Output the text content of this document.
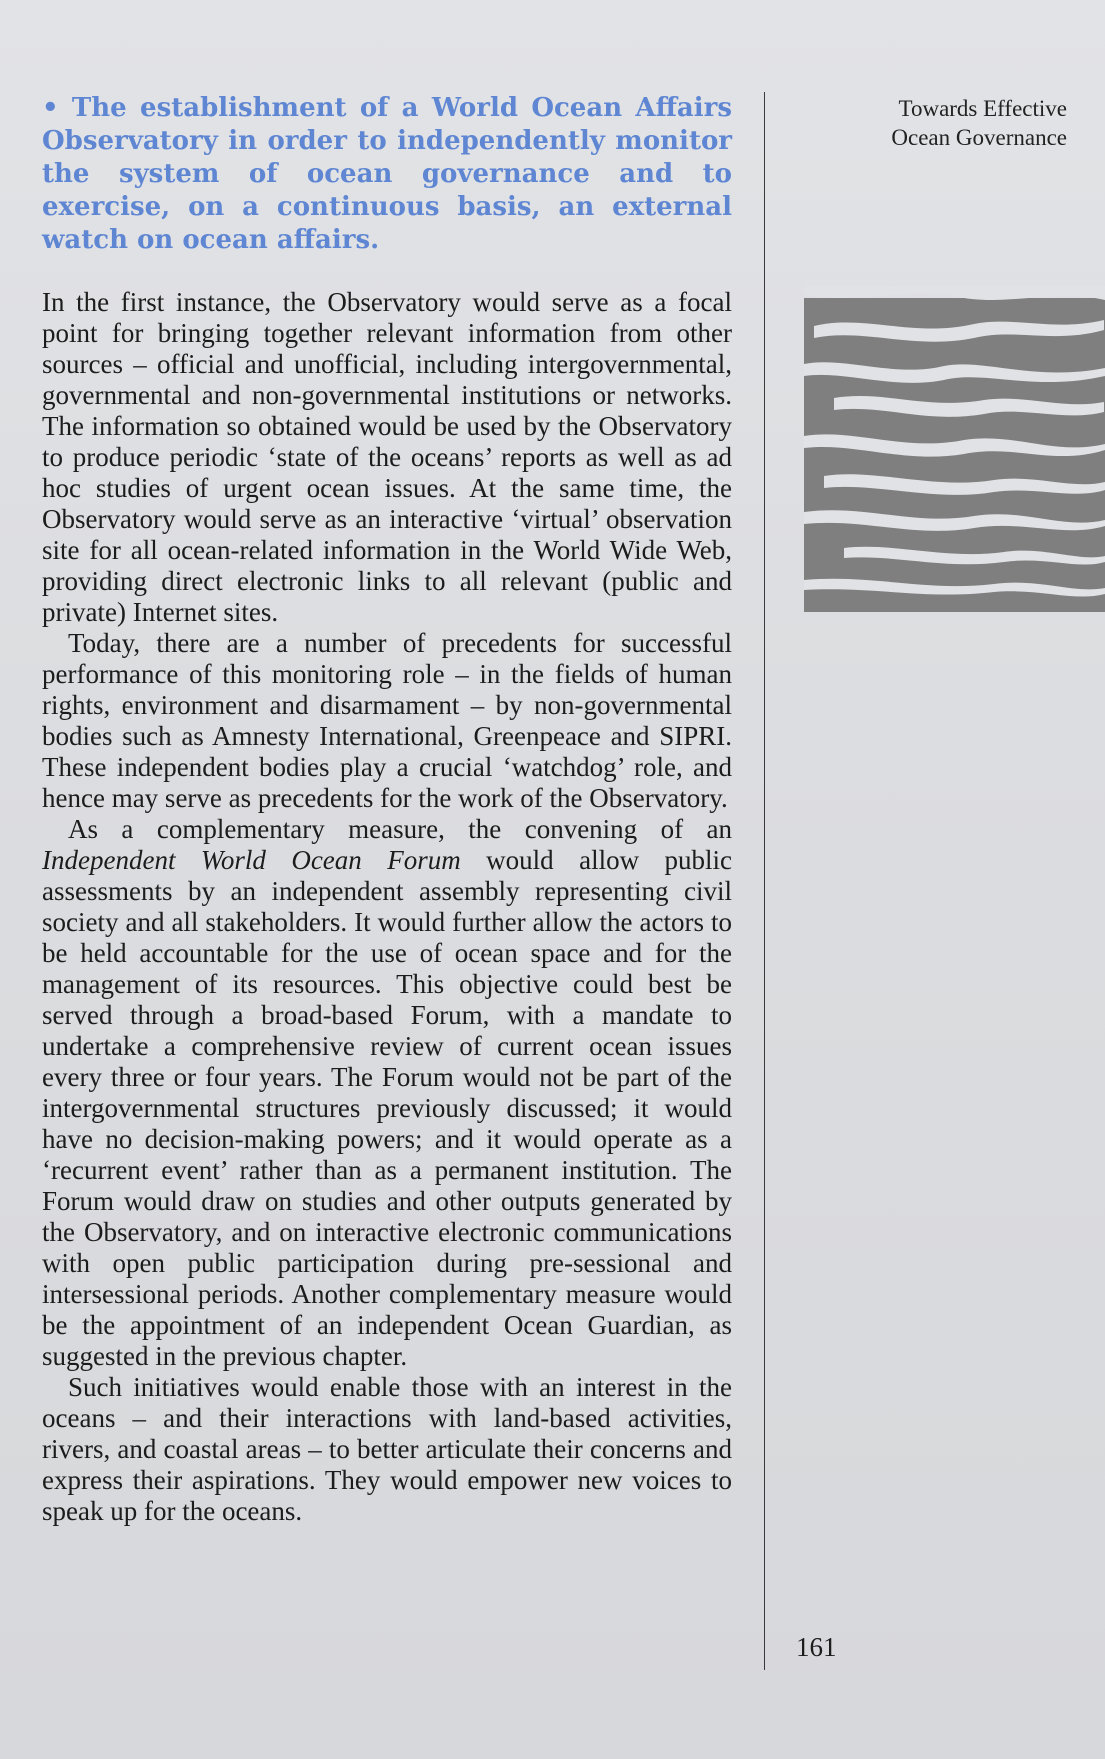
• The establishment of a World Ocean Affairs Observatory in order to independently monitor the system of ocean governance and to exercise, on a continuous basis, an external watch on ocean affairs.

In the first instance, the Observatory would serve as a focal point for bringing together relevant information from other sources – official and unofficial, including intergovernmental, governmental and non-governmental institutions or networks. The information so obtained would be used by the Observatory to produce periodic ‘state of the oceans’ reports as well as ad hoc studies of urgent ocean issues. At the same time, the Observatory would serve as an interactive ‘virtual’ observation site for all ocean-related information in the World Wide Web, providing direct electronic links to all relevant (public and private) Internet sites.

Today, there are a number of precedents for successful performance of this monitoring role – in the fields of human rights, environment and disarmament – by non-governmental bodies such as Amnesty International, Greenpeace and SIPRI. These independent bodies play a crucial ‘watchdog’ role, and hence may serve as precedents for the work of the Observatory.

As a complementary measure, the convening of an Independent World Ocean Forum would allow public assessments by an independent assembly representing civil society and all stakeholders. It would further allow the actors to be held accountable for the use of ocean space and for the management of its resources. This objective could best be served through a broad-based Forum, with a mandate to undertake a comprehensive review of current ocean issues every three or four years. The Forum would not be part of the intergovernmental structures previously discussed; it would have no decision-making powers; and it would operate as a ‘recurrent event’ rather than as a permanent institution. The Forum would draw on studies and other outputs generated by the Observatory, and on interactive electronic communications with open public participation during pre-sessional and intersessional periods. Another complementary measure would be the appointment of an independent Ocean Guardian, as suggested in the previous chapter.

Such initiatives would enable those with an interest in the oceans – and their interactions with land-based activities, rivers, and coastal areas – to better articulate their concerns and express their aspirations. They would empower new voices to speak up for the oceans.

Towards Effective
Ocean Governance
161
